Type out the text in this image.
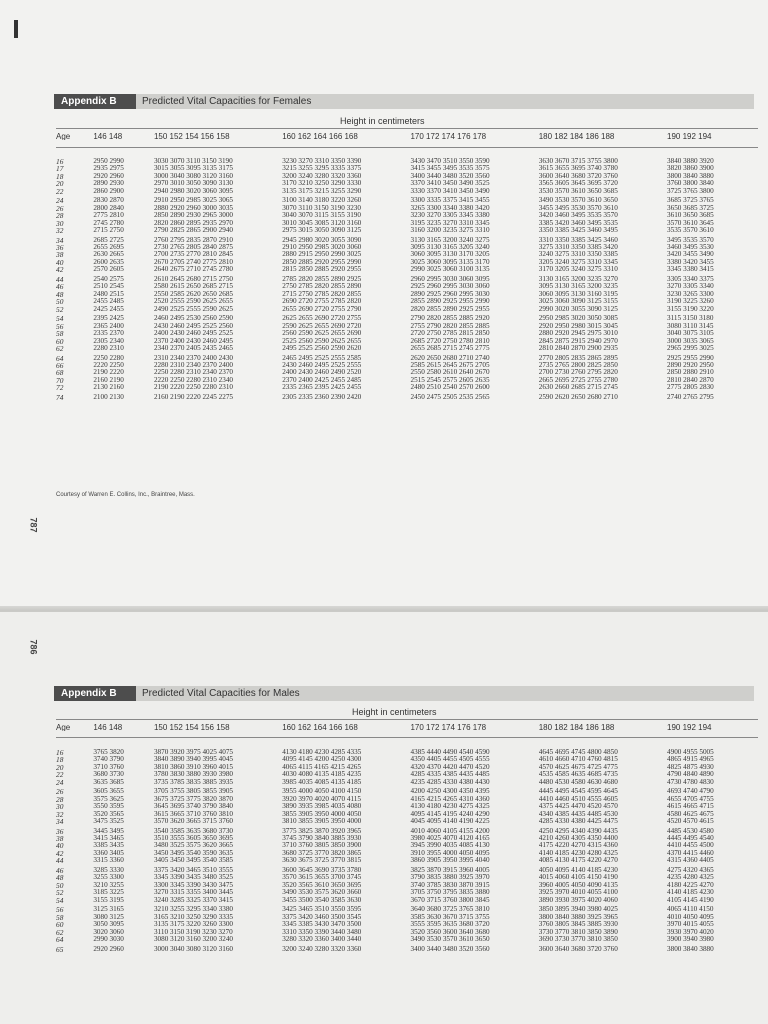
Appendix B	Predicted Vital Capacities for Females
Height in centimeters
Age	146 148	150 152 154 156 158	160 162 164 166 168	170 172 174 176 178	180 182 184 186 188	190 192 194
16	2950 2990	3030 3070 3110 3150 3190	3230 3270 3310 3350 3390	3430 3470 3510 3550 3590	3630 3670 3715 3755 3800	3840 3880 3920
17	2935 2975	3015 3055 3095 3135 3175	3215 3255 3295 3335 3375	3415 3455 3495 3535 3575	3615 3655 3695 3740 3780	3820 3860 3900
18	2920 2960	3000 3040 3080 3120 3160	3200 3240 3280 3320 3360	3400 3440 3480 3520 3560	3600 3640 3680 3720 3760	3800 3840 3880
20	2890 2930	2970 3010 3050 3090 3130	3170 3210 3250 3290 3330	3370 3410 3450 3490 3525	3565 3605 3645 3695 3720	3760 3800 3840
22	2860 2900	2940 2980 3020 3060 3095	3135 3175 3215 3255 3290	3330 3370 3410 3450 3490	3530 3570 3610 3650 3685	3725 3765 3800
24	2830 2870	2910 2950 2985 3025 3065	3100 3140 3180 3220 3260	3300 3335 3375 3415 3455	3490 3530 3570 3610 3650	3685 3725 3765
26	2800 2840	2880 2920 2960 3000 3035	3070 3110 3150 3190 3230	3265 3300 3340 3380 3420	3455 3495 3530 3570 3610	3650 3685 3725
28	2775 2810	2850 2890 2930 2965 3000	3040 3070 3115 3155 3190	3230 3270 3305 3345 3380	3420 3460 3495 3535 3570	3610 3650 3685
30	2745 2780	2820 2860 2895 2935 2970	3010 3045 3085 3120 3160	3195 3235 3270 3310 3345	3385 3420 3460 3495 3535	3570 3610 3645
32	2715 2750	2790 2825 2865 2900 2940	2975 3015 3050 3090 3125	3160 3200 3235 3275 3310	3350 3385 3425 3460 3495	3535 3570 3610
34	2685 2725	2760 2795 2835 2870 2910	2945 2980 3020 3055 3090	3130 3165 3200 3240 3275	3310 3350 3385 3425 3460	3495 3535 3570
36	2655 2695	2730 2765 2805 2840 2875	2910 2950 2985 3020 3060	3095 3130 3165 3205 3240	3275 3310 3350 3385 3420	3460 3495 3530
38	2630 2665	2700 2735 2770 2810 2845	2880 2915 2950 2990 3025	3060 3095 3130 3170 3205	3240 3275 3310 3350 3385	3420 3455 3490
40	2600 2635	2670 2705 2740 2775 2810	2850 2885 2920 2955 2990	3025 3060 3095 3135 3170	3205 3240 3275 3310 3345	3380 3420 3455
42	2570 2605	2640 2675 2710 2745 2780	2815 2850 2885 2920 2955	2990 3025 3060 3100 3135	3170 3205 3240 3275 3310	3345 3380 3415
44	2540 2575	2610 2645 2680 2715 2750	2785 2820 2855 2890 2925	2960 2995 3030 3060 3095	3130 3165 3200 3235 3270	3305 3340 3375
46	2510 2545	2580 2615 2650 2685 2715	2750 2785 2820 2855 2890	2925 2960 2995 3030 3060	3095 3130 3165 3200 3235	3270 3305 3340
48	2480 2515	2550 2585 2620 2650 2685	2715 2750 2785 2820 2855	2890 2925 2960 2995 3030	3060 3095 3130 3160 3195	3230 3265 3300
50	2455 2485	2520 2555 2590 2625 2655	2690 2720 2755 2785 2820	2855 2890 2925 2955 2990	3025 3060 3090 3125 3155	3190 3225 3260
52	2425 2455	2490 2525 2555 2590 2625	2655 2690 2720 2755 2790	2820 2855 2890 2925 2955	2990 3020 3055 3090 3125	3155 3190 3220
54	2395 2425	2460 2495 2530 2560 2590	2625 2655 2690 2720 2755	2790 2820 2855 2885 2920	2950 2985 3020 3050 3085	3115 3150 3180
56	2365 2400	2430 2460 2495 2525 2560	2590 2625 2655 2690 2720	2755 2790 2820 2855 2885	2920 2950 2980 3015 3045	3080 3110 3145
58	2335 2370	2400 2430 2460 2495 2525	2560 2590 2625 2655 2690	2720 2750 2785 2815 2850	2880 2920 2945 2975 3010	3040 3075 3105
60	2305 2340	2370 2400 2430 2460 2495	2525 2560 2590 2625 2655	2685 2720 2750 2780 2810	2845 2875 2915 2940 2970	3000 3035 3065
62	2280 2310	2340 2370 2405 2435 2465	2495 2525 2560 2590 2620	2655 2685 2715 2745 2775	2810 2840 2870 2900 2935	2965 2995 3025
64	2250 2280	2310 2340 2370 2400 2430	2465 2495 2525 2555 2585	2620 2650 2680 2710 2740	2770 2805 2835 2865 2895	2925 2955 2990
66	2220 2250	2280 2310 2340 2370 2400	2430 2460 2495 2525 2555	2585 2615 2645 2675 2705	2735 2765 2800 2825 2850	2890 2920 2950
68	2190 2220	2250 2280 2310 2340 2370	2400 2430 2460 2490 2520	2550 2580 2610 2640 2670	2700 2730 2760 2795 2820	2850 2880 2910
70	2160 2190	2220 2250 2280 2310 2340	2370 2400 2425 2455 2485	2515 2545 2575 2605 2635	2665 2695 2725 2755 2780	2810 2840 2870
72	2130 2160	2190 2220 2250 2280 2310	2335 2365 2395 2425 2455	2480 2510 2540 2570 2600	2630 2660 2685 2715 2745	2775 2805 2830
74	2100 2130	2160 2190 2220 2245 2275	2305 2335 2360 2390 2420	2450 2475 2505 2535 2565	2590 2620 2650 2680 2710	2740 2765 2795
Courtesy of Warren E. Collins, Inc., Braintree, Mass.
787
786
Appendix B	Predicted Vital Capacities for Males
Height in centimeters
Age	146 148	150 152 154 156 158	160 162 164 166 168	170 172 174 176 178	180 182 184 186 188	190 192 194
16	3765 3820	3870 3920 3975 4025 4075	4130 4180 4230 4285 4335	4385 4440 4490 4540 4590	4645 4695 4745 4800 4850	4900 4955 5005
18	3740 3790	3840 3890 3940 3995 4045	4095 4145 4200 4250 4300	4350 4405 4455 4505 4555	4610 4660 4710 4760 4815	4865 4915 4965
20	3710 3760	3810 3860 3910 3960 4015	4065 4115 4165 4215 4265	4320 4370 4420 4470 4520	4570 4625 4675 4725 4775	4825 4875 4930
22	3680 3730	3780 3830 3880 3930 3980	4030 4080 4135 4185 4235	4285 4335 4385 4435 4485	4535 4585 4635 4685 4735	4790 4840 4890
24	3635 3685	3735 3785 3835 3885 3935	3985 4035 4085 4135 4185	4235 4285 4330 4380 4430	4480 4530 4580 4630 4680	4730 4780 4830
26	3605 3655	3705 3755 3805 3855 3905	3955 4000 4050 4100 4150	4200 4250 4300 4350 4395	4445 4495 4545 4595 4645	4693 4740 4790
28	3575 3625	3675 3725 3775 3820 3870	3920 3970 4020 4070 4115	4165 4215 4265 4310 4360	4410 4460 4510 4555 4605	4655 4705 4755
30	3550 3595	3645 3695 3740 3790 3840	3890 3935 3985 4035 4080	4130 4180 4230 4275 4325	4375 4425 4470 4520 4570	4615 4665 4715
32	3520 3565	3615 3665 3710 3760 3810	3855 3905 3950 4000 4050	4095 4145 4195 4240 4290	4340 4385 4435 4485 4530	4580 4625 4675
34	3475 3525	3570 3620 3665 3715 3760	3810 3855 3905 3950 4000	4045 4095 4140 4190 4225	4285 4330 4380 4425 4475	4520 4570 4615
36	3445 3495	3540 3585 3635 3680 3730	3775 3825 3870 3920 3965	4010 4060 4105 4155 4200	4250 4295 4340 4390 4435	4485 4530 4580
38	3415 3465	3510 3555 3605 3650 3695	3745 3790 3840 3885 3930	3980 4025 4070 4120 4165	4210 4260 4305 4350 4400	4445 4495 4540
40	3385 3435	3480 3525 3575 3620 3665	3710 3760 3805 3850 3900	3945 3990 4035 4085 4130	4175 4220 4270 4315 4360	4410 4455 4500
42	3360 3405	3450 3495 3540 3590 3635	3680 3725 3770 3820 3865	3910 3955 4000 4050 4095	4140 4185 4230 4280 4325	4370 4415 4460
44	3315 3360	3405 3450 3495 3540 3585	3630 3675 3725 3770 3815	3860 3905 3950 3995 4040	4085 4130 4175 4220 4270	4315 4360 4405
46	3285 3330	3375 3420 3465 3510 3555	3600 3645 3690 3735 3780	3825 3870 3915 3960 4005	4050 4095 4140 4185 4230	4275 4320 4365
48	3255 3300	3345 3390 3435 3480 3525	3570 3615 3655 3700 3745	3790 3835 3880 3925 3970	4015 4060 4105 4150 4190	4235 4280 4325
50	3210 3255	3300 3345 3390 3430 3475	3520 3565 3610 3650 3695	3740 3785 3830 3870 3915	3960 4005 4050 4090 4135	4180 4225 4270
52	3185 3225	3270 3315 3355 3400 3445	3490 3530 3575 3620 3660	3705 3750 3795 3835 3880	3925 3970 4010 4055 4100	4140 4185 4230
54	3155 3195	3240 3285 3325 3370 3415	3455 3500 3540 3585 3630	3670 3715 3760 3800 3845	3890 3930 3975 4020 4060	4105 4145 4190
56	3125 3165	3210 3255 3295 3340 3380	3425 3465 3510 3550 3595	3640 3680 3725 3765 3810	3850 3895 3940 3980 4025	4065 4110 4150
58	3080 3125	3165 3210 3250 3290 3335	3375 3420 3460 3500 3545	3585 3630 3670 3715 3755	3800 3840 3880 3925 3965	4010 4050 4095
60	3050 3095	3135 3175 3220 3260 3300	3345 3385 3430 3470 3500	3555 3595 3635 3680 3720	3760 3805 3845 3885 3930	3970 4015 4055
62	3020 3060	3110 3150 3190 3230 3270	3310 3350 3390 3440 3480	3520 3560 3600 3640 3680	3730 3770 3810 3850 3890	3930 3970 4020
64	2990 3030	3080 3120 3160 3200 3240	3280 3320 3360 3400 3440	3490 3530 3570 3610 3650	3690 3730 3770 3810 3850	3900 3940 3980
65	2920 2960	3000 3040 3080 3120 3160	3200 3240 3280 3320 3360	3400 3440 3480 3520 3560	3600 3640 3680 3720 3760	3800 3840 3880
